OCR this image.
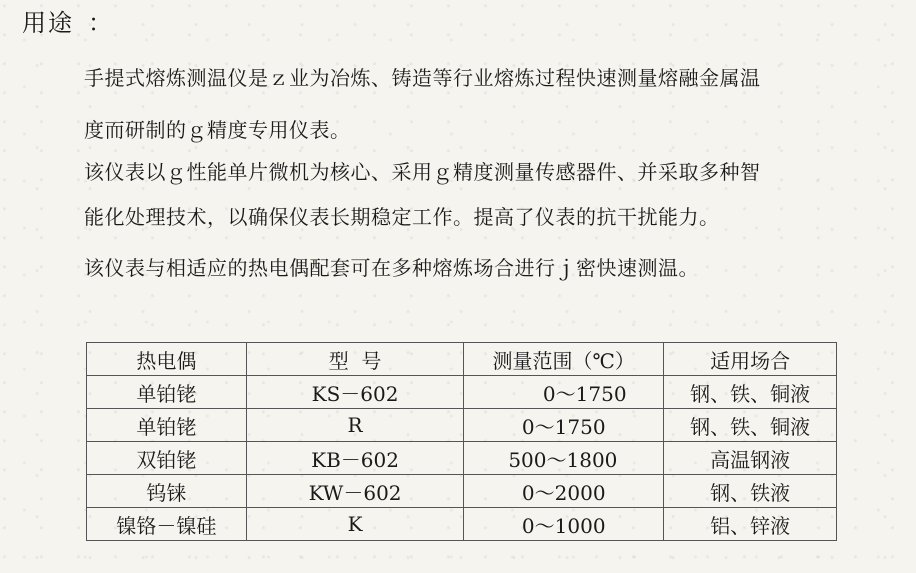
用途 ：
手提式熔炼测温仪是ｚ业为冶炼、铸造等行业熔炼过程快速测量熔融金属温
度而研制的ｇ精度专用仪表。
该仪表以ｇ性能单片微机为核心、采用ｇ精度测量传感器件、并采取多种智
能化处理技术，以确保仪表长期稳定工作。提高了仪表的抗干扰能力。
该仪表与相适应的热电偶配套可在多种熔炼场合进行ｊ密快速测温。
热电偶	型  号	测量范围（℃）	适用场合
单铂铑	KS－602	0～1750	钢、铁、铜液
单铂铑	R	0～1750	钢、铁、铜液
双铂铑	KB－602	500～1800	高温钢液
钨铼	KW－602	0～2000	钢、铁液
镍铬－镍硅	K	0～1000	铝、锌液
